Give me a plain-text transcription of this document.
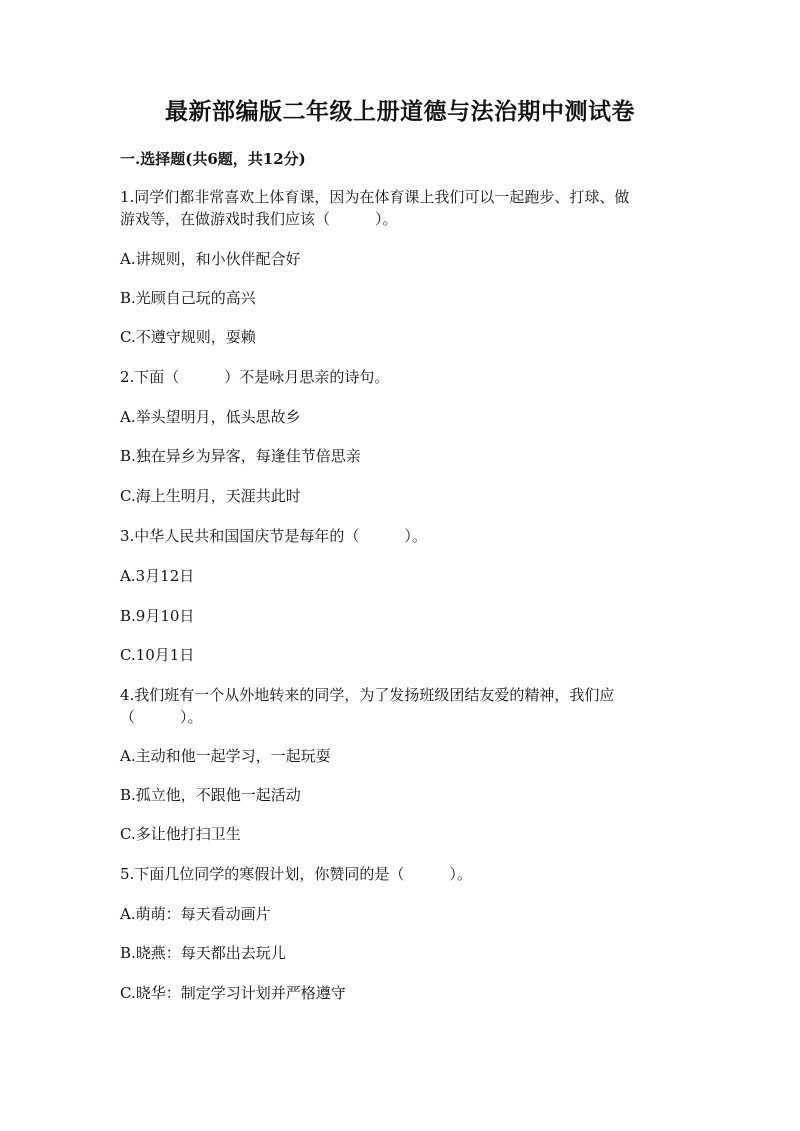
最新部编版二年级上册道德与法治期中测试卷
一.选择题(共6题，共12分)
1.同学们都非常喜欢上体育课，因为在体育课上我们可以一起跑步、打球、做
游戏等，在做游戏时我们应该（　　　）。
A.讲规则，和小伙伴配合好
B.光顾自己玩的高兴
C.不遵守规则，耍赖
2.下面（　　　）不是咏月思亲的诗句。
A.举头望明月，低头思故乡
B.独在异乡为异客，每逢佳节倍思亲
C.海上生明月，天涯共此时
3.中华人民共和国国庆节是每年的（　　　）。
A.3月12日
B.9月10日
C.10月1日
4.我们班有一个从外地转来的同学，为了发扬班级团结友爱的精神，我们应
（　　　）。
A.主动和他一起学习，一起玩耍
B.孤立他，不跟他一起活动
C.多让他打扫卫生
5.下面几位同学的寒假计划，你赞同的是（　　　）。
A.萌萌：每天看动画片
B.晓燕：每天都出去玩儿
C.晓华：制定学习计划并严格遵守
